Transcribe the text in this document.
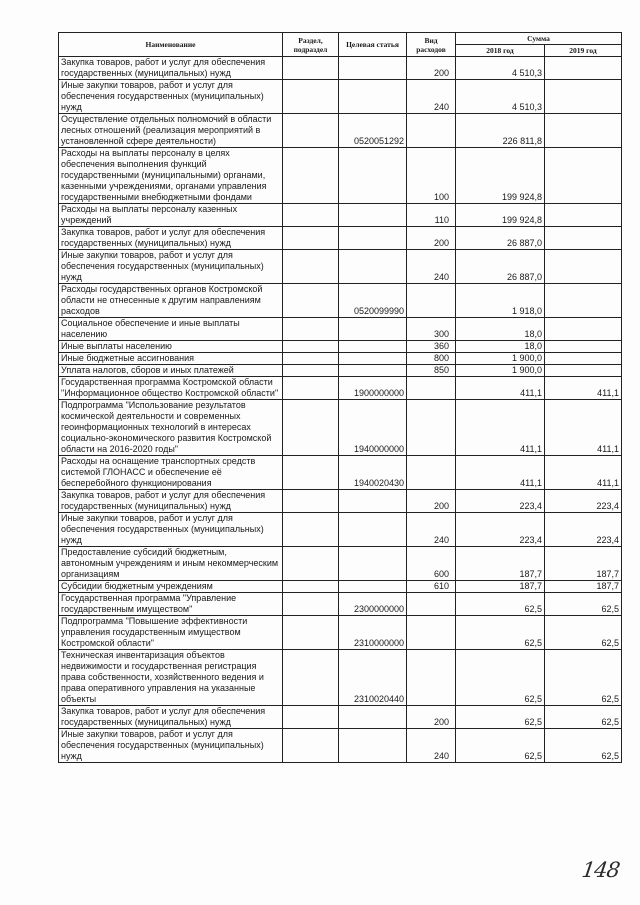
Наименование	Раздел, подраздел	Целевая статья	Вид расходов	Сумма	
				2018 год	2019 год
Закупка товаров, работ и услуг для обеспечения государственных (муниципальных) нужд			200	4 510,3	
Иные закупки товаров, работ и услуг для обеспечения государственных (муниципальных) нужд			240	4 510,3	
Осуществление отдельных полномочий в области лесных отношений (реализация мероприятий в установленной сфере деятельности)		0520051292		226 811,8	
Расходы на выплаты персоналу в целях обеспечения выполнения функций государственными (муниципальными) органами, казенными учреждениями, органами управления государственными внебюджетными фондами			100	199 924,8	
Расходы на выплаты персоналу казенных учреждений			110	199 924,8	
Закупка товаров, работ и услуг для обеспечения государственных (муниципальных) нужд			200	26 887,0	
Иные закупки товаров, работ и услуг для обеспечения государственных (муниципальных) нужд			240	26 887,0	
Расходы государственных органов Костромской области не отнесенные к другим направлениям расходов		0520099990		1 918,0	
Социальное обеспечение и иные выплаты населению			300	18,0	
Иные выплаты населению			360	18,0	
Иные бюджетные ассигнования			800	1 900,0	
Уплата налогов, сборов и иных платежей			850	1 900,0	
Государственная программа Костромской области "Информационное общество Костромской области"		1900000000		411,1	411,1
Подпрограмма "Использование результатов космической деятельности и современных геоинформационных технологий в интересах социально-экономического развития Костромской области на 2016-2020 годы"		1940000000		411,1	411,1
Расходы на оснащение транспортных средств системой ГЛОНАСС и обеспечение её бесперебойного функционирования		1940020430		411,1	411,1
Закупка товаров, работ и услуг для обеспечения государственных (муниципальных) нужд			200	223,4	223,4
Иные закупки товаров, работ и услуг для обеспечения государственных (муниципальных) нужд			240	223,4	223,4
Предоставление субсидий бюджетным, автономным учреждениям и иным некоммерческим организациям			600	187,7	187,7
Субсидии бюджетным учреждениям			610	187,7	187,7
Государственная программа "Управление государственным имуществом"		2300000000		62,5	62,5
Подпрограмма "Повышение эффективности управления государственным имуществом Костромской области"		2310000000		62,5	62,5
Техническая инвентаризация объектов недвижимости и государственная регистрация права собственности, хозяйственного ведения и права оперативного управления на указанные объекты		2310020440		62,5	62,5
Закупка товаров, работ и услуг для обеспечения государственных (муниципальных) нужд			200	62,5	62,5
Иные закупки товаров, работ и услуг для обеспечения государственных (муниципальных) нужд			240	62,5	62,5
148
